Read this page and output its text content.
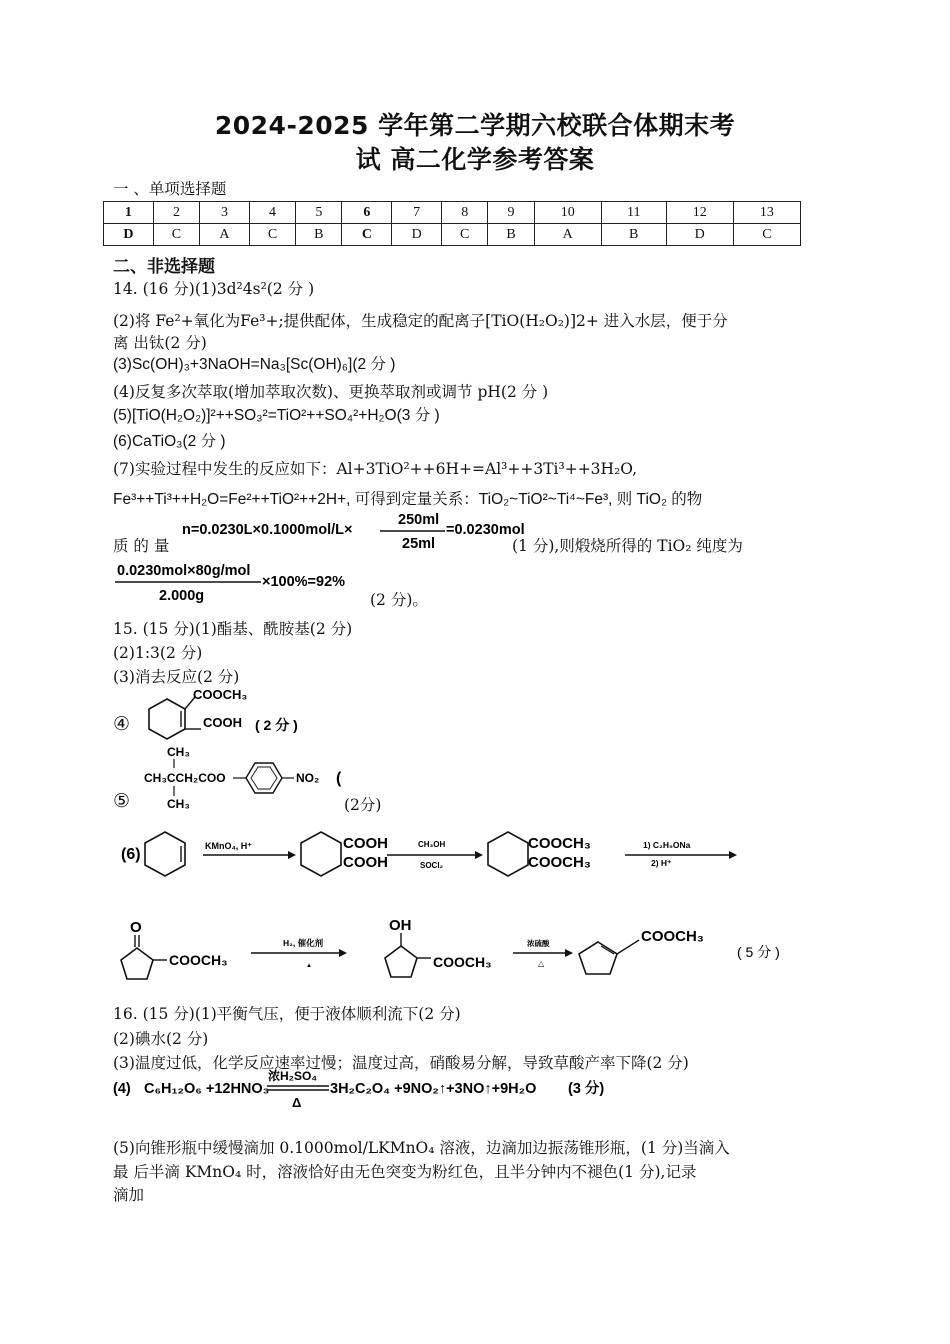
2024-2025 学年第二学期六校联合体期末考
试 高二化学参考答案
一 、单项选择题
1	2	3	4	5	6	7	8	9	10	11	12	13
D	C	A	C	B	C	D	C	B	A	B	D	C
二、非选择题
14. (16 分)(1)3d²4s²(2 分 )
(2)将 Fe²+氧化为Fe³+;提供配体，生成稳定的配离子[TiO(H₂O₂)]2+ 进入水层，便于分
离 出钛(2 分)
(3)Sc(OH)₃+3NaOH=Na₃[Sc(OH)₆](2 分 )
(4)反复多次萃取(增加萃取次数)、更换萃取剂或调节 pH(2 分 )
(5)[TiO(H₂O₂)]²++SO₃²=TiO²++SO₄²+H₂O(3 分 )
(6)CaTiO₃(2 分 )
(7)实验过程中发生的反应如下：Al+3TiO²++6H+=Al³++3Ti³++3H₂O,
Fe³++Ti³++H₂O=Fe²++TiO²++2H+, 可得到定量关系：TiO₂~TiO²~Ti⁴~Fe³, 则 TiO₂ 的物
质 的 量
n=0.0230L×0.1000mol/L×
250ml
25ml
=0.0230mol
(1 分),则煅烧所得的 TiO₂ 纯度为
0.0230mol×80g/mol
2.000g
×100%=92%
(2 分)。
15. (15 分)(1)酯基、酰胺基(2 分)
(2)1:3(2 分)
(3)消去反应(2 分)
④
COOCH₃
COOH ( 2 分 )
⑤
CH₃
CH₃CCH₂COO
CH₃
NO₂ (
(2分)
(6)	KMnO₄, H⁺	COOH
COOH
CH₃OH
SOCl₂
COOCH₃
COOCH₃
1) C₂H₅ONa
2) H⁺
O
COOCH₃
H₂, 催化剂
▲
OH
COOCH₃
浓硫酸
△
COOCH₃
( 5 分 )
16. (15 分)(1)平衡气压，便于液体顺利流下(2 分)
(2)碘水(2 分)
(3)温度过低，化学反应速率过慢；温度过高，硝酸易分解，导致草酸产率下降(2 分)
(4) C₆H₁₂O₆ +12HNO₃
浓H₂SO₄
Δ
3H₂C₂O₄ +9NO₂↑+3NO↑+9H₂O (3 分)
(5)向锥形瓶中缓慢滴加 0.1000mol/LKMnO₄ 溶液，边滴加边振荡锥形瓶，(1 分)当滴入
最 后半滴 KMnO₄ 时，溶液恰好由无色突变为粉红色，且半分钟内不褪色(1 分),记录
滴加
